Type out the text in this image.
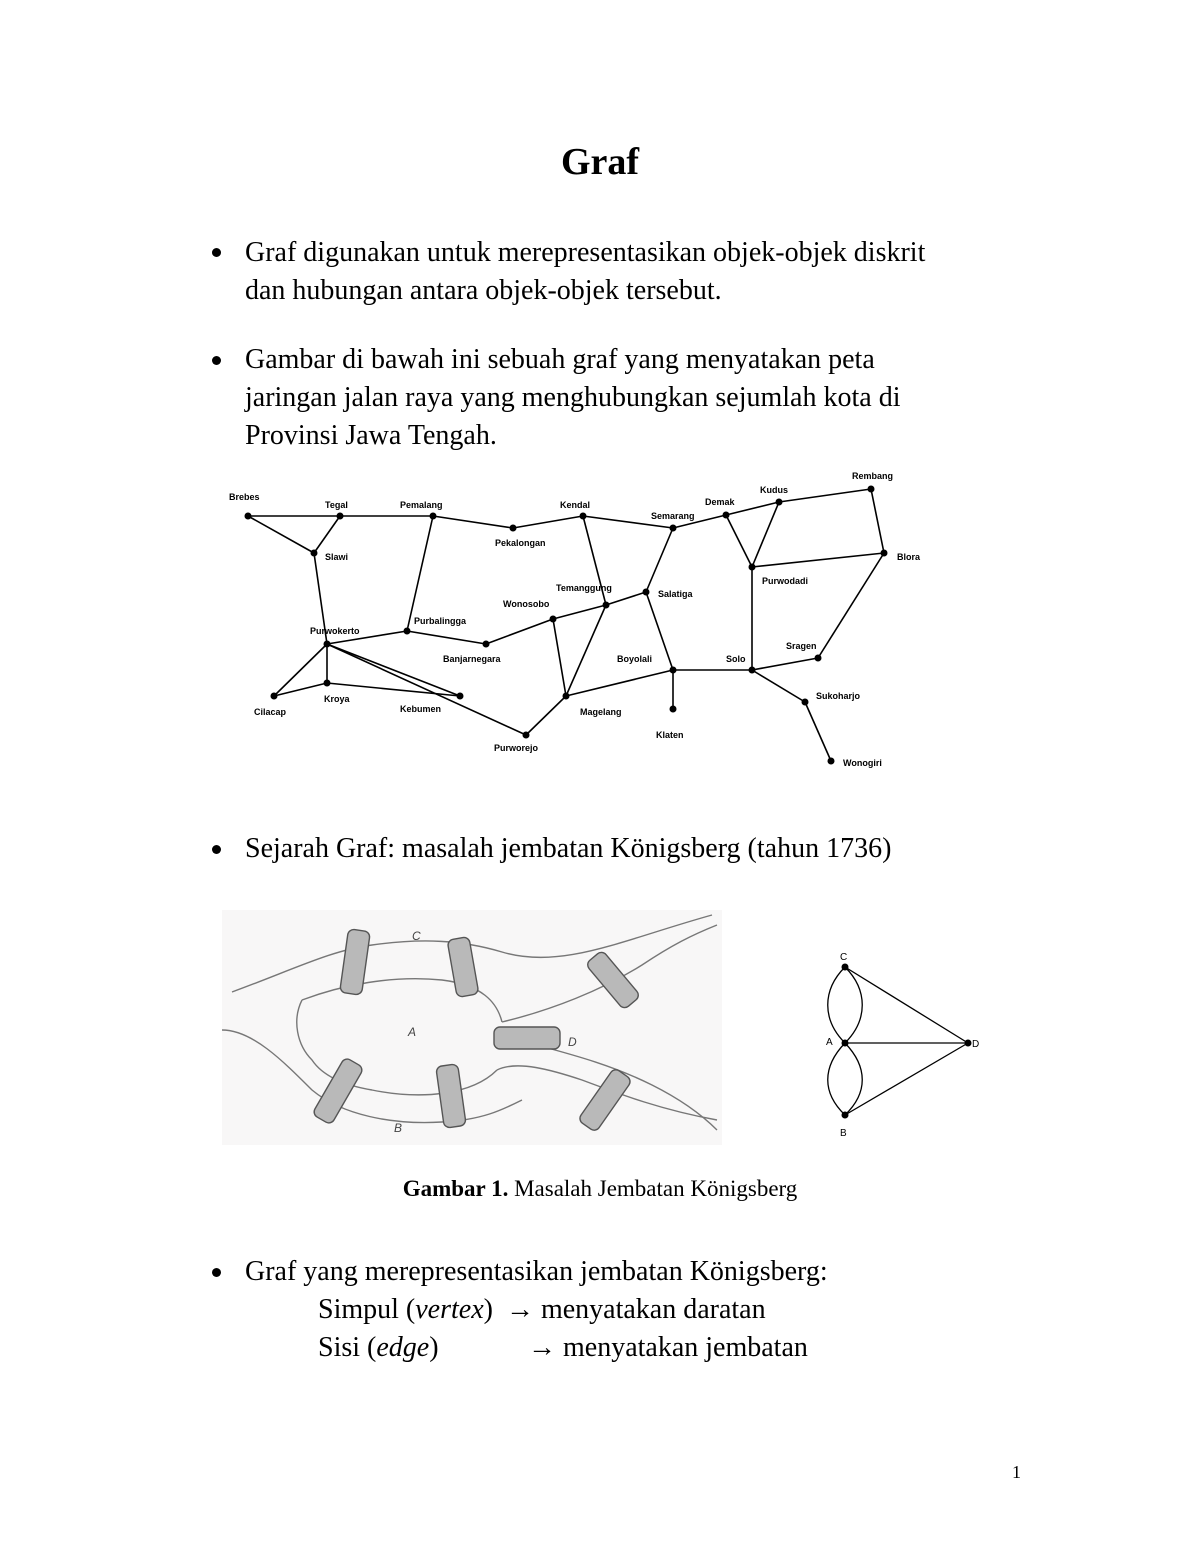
Graf
Graf digunakan untuk merepresentasikan objek-objek diskrit
dan hubungan antara objek-objek tersebut.
Gambar di bawah ini sebuah graf yang menyatakan peta
jaringan jalan raya yang menghubungkan sejumlah kota di
Provinsi Jawa Tengah.
Brebes
Tegal	Pemalang	Kendal
Semarang
Demak
Kudus
Rembang
Slawi
Pekalongan
Blora
Purwodadi
Temanggung
Salatiga
Wonosobo
Purwokerto
Purbalingga
Banjarnegara	Boyolali	Solo
Sragen
Cilacap
Kroya
Kebumen	Magelang
Sukoharjo
Klaten
Purworejo
Wonogiri
Sejarah Graf: masalah jembatan Königsberg (tahun 1736)
C
A
D
B
C
A	D
B
Gambar 1. Masalah Jembatan Königsberg
Graf yang merepresentasikan jembatan Königsberg:
Simpul (vertex) → menyatakan daratan
Sisi (edge)	→ menyatakan jembatan
1
